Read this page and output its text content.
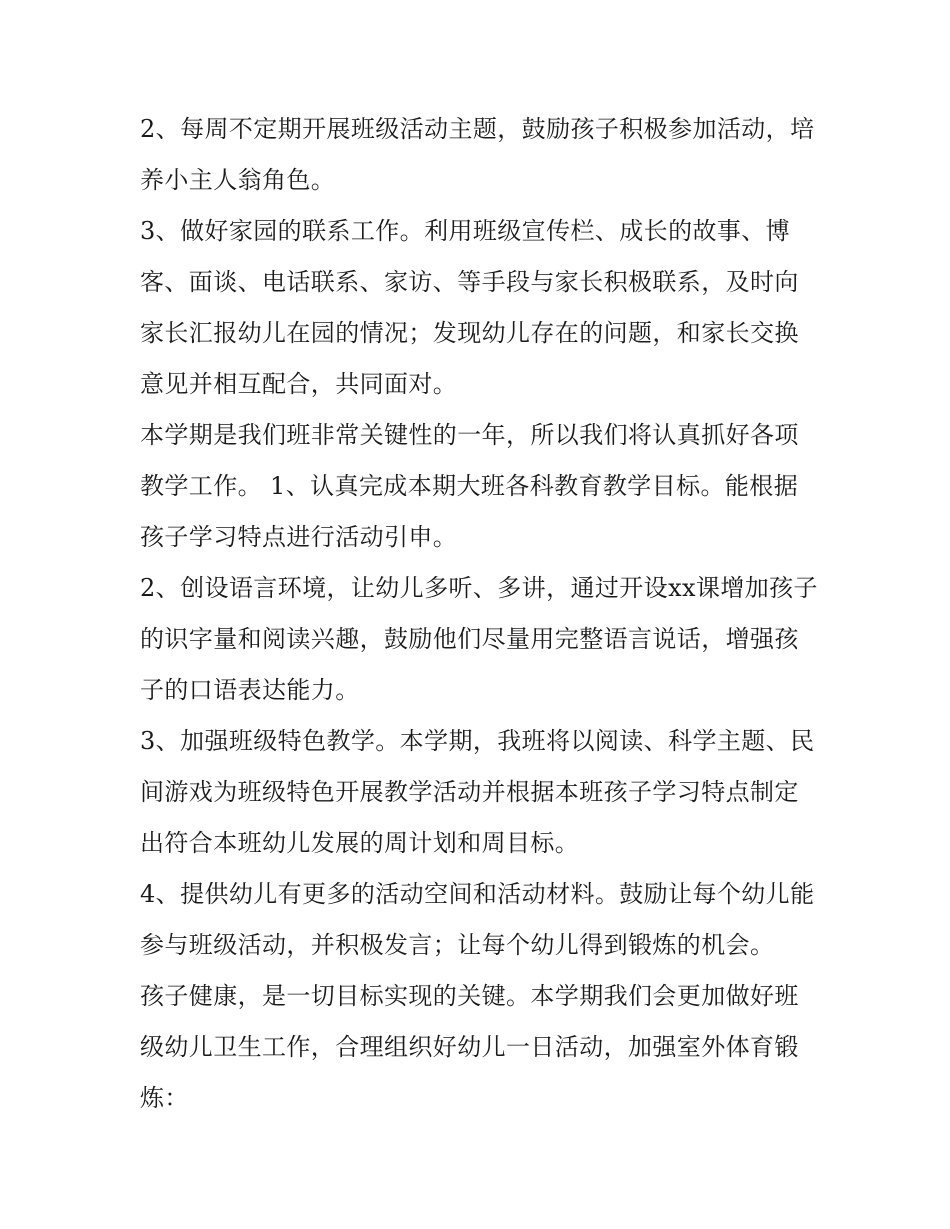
2、每周不定期开展班级活动主题，鼓励孩子积极参加活动，培养小主人翁角色。

3、做好家园的联系工作。利用班级宣传栏、成长的故事、博客、面谈、电话联系、家访、等手段与家长积极联系，及时向家长汇报幼儿在园的情况；发现幼儿存在的问题，和家长交换意见并相互配合，共同面对。

本学期是我们班非常关键性的一年，所以我们将认真抓好各项教学工作。 1、认真完成本期大班各科教育教学目标。能根据孩子学习特点进行活动引申。

2、创设语言环境，让幼儿多听、多讲，通过开设xx课增加孩子的识字量和阅读兴趣，鼓励他们尽量用完整语言说话，增强孩子的口语表达能力。

3、加强班级特色教学。本学期，我班将以阅读、科学主题、民间游戏为班级特色开展教学活动并根据本班孩子学习特点制定出符合本班幼儿发展的周计划和周目标。

4、提供幼儿有更多的活动空间和活动材料。鼓励让每个幼儿能参与班级活动，并积极发言；让每个幼儿得到锻炼的机会。

孩子健康，是一切目标实现的关键。本学期我们会更加做好班级幼儿卫生工作，合理组织好幼儿一日活动，加强室外体育锻炼：
